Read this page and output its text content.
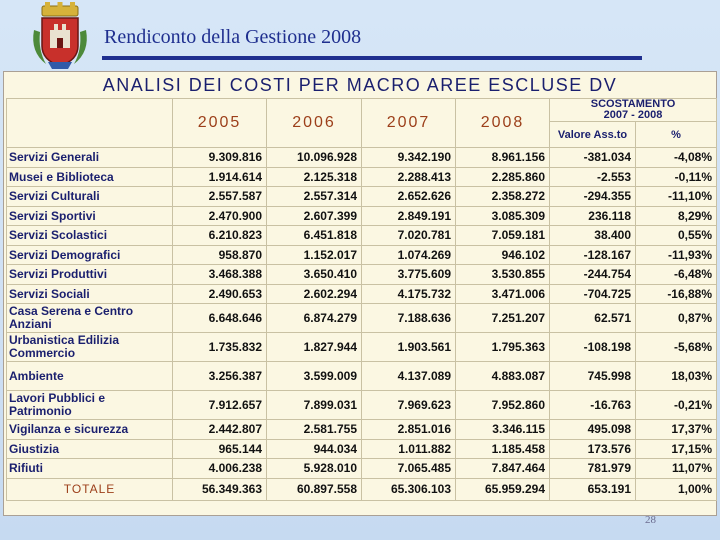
Rendiconto della Gestione 2008
ANALISI DEI COSTI PER MACRO AREE ESCLUSE DV
	2005	2006	2007	2008	SCOSTAMENTO
2007 - 2008	

					Valore Ass.to	%
Servizi Generali	9.309.816	10.096.928	9.342.190	8.961.156	-381.034	-4,08%
Musei e Biblioteca	1.914.614	2.125.318	2.288.413	2.285.860	-2.553	-0,11%
Servizi Culturali	2.557.587	2.557.314	2.652.626	2.358.272	-294.355	-11,10%
Servizi Sportivi	2.470.900	2.607.399	2.849.191	3.085.309	236.118	8,29%
Servizi Scolastici	6.210.823	6.451.818	7.020.781	7.059.181	38.400	0,55%
Servizi Demografici	958.870	1.152.017	1.074.269	946.102	-128.167	-11,93%
Servizi Produttivi	3.468.388	3.650.410	3.775.609	3.530.855	-244.754	-6,48%
Servizi Sociali	2.490.653	2.602.294	4.175.732	3.471.006	-704.725	-16,88%
Casa Serena e Centro Anziani	6.648.646	6.874.279	7.188.636	7.251.207	62.571	0,87%
Urbanistica Edilizia Commercio	1.735.832	1.827.944	1.903.561	1.795.363	-108.198	-5,68%
Ambiente	3.256.387	3.599.009	4.137.089	4.883.087	745.998	18,03%
Lavori Pubblici e Patrimonio	7.912.657	7.899.031	7.969.623	7.952.860	-16.763	-0,21%
Vigilanza e sicurezza	2.442.807	2.581.755	2.851.016	3.346.115	495.098	17,37%
Giustizia	965.144	944.034	1.011.882	1.185.458	173.576	17,15%
Rifiuti	4.006.238	5.928.010	7.065.485	7.847.464	781.979	11,07%
TOTALE	56.349.363	60.897.558	65.306.103	65.959.294	653.191	1,00%
28
